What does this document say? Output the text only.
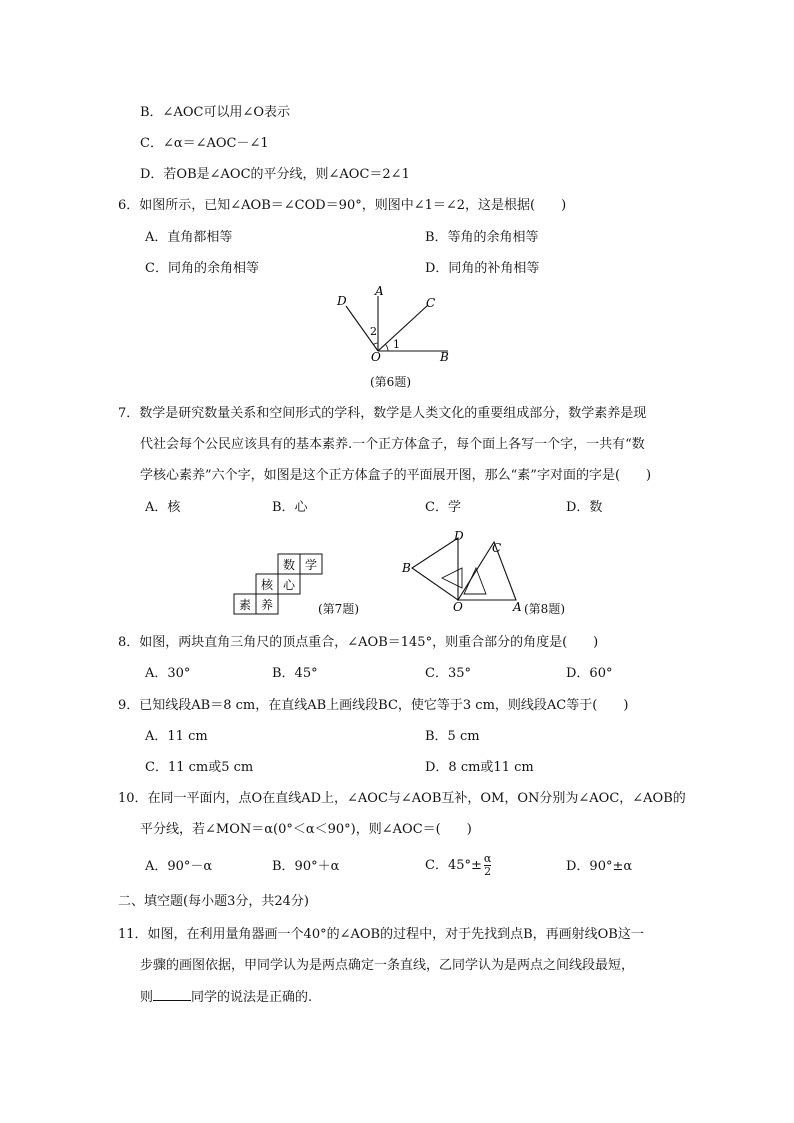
B．∠AOC可以用∠O表示
C．∠α＝∠AOC－∠1
D．若OB是∠AOC的平分线，则∠AOC＝2∠1
6．如图所示，已知∠AOB＝∠COD＝90°，则图中∠1＝∠2，这是根据(　　)
A．直角都相等	B．等角的余角相等
C．同角的余角相等	D．同角的补角相等
D
A
C
O	B
1
2
(第6题)
7．数学是研究数量关系和空间形式的学科，数学是人类文化的重要组成部分，数学素养是现
代社会每个公民应该具有的基本素养.一个正方体盒子，每个面上各写一个字，一共有“数
学核心素养”六个字，如图是这个正方体盒子的平面展开图，那么“素”字对面的字是(　　)
A．核	B．心	C．学	D．数
数 学
核 心
素 养	(第7题)
D
C
B
O	A (第8题)
8．如图，两块直角三角尺的顶点重合，∠AOB＝145°，则重合部分的角度是(　　)
A．30°	B．45°	C．35°	D．60°
9．已知线段AB＝8 cm，在直线AB上画线段BC，使它等于3 cm，则线段AC等于(　　)
A．11 cm	B．5 cm
C．11 cm或5 cm	D．8 cm或11 cm
10．在同一平面内，点O在直线AD上，∠AOC与∠AOB互补，OM，ON分别为∠AOC，∠AOB的
平分线，若∠MON＝α(0°＜α＜90°)，则∠AOC＝(　　)
A．90°－α	B．90°＋α	C．$45^\circ\pm \frac{\alpha}{2}$	D．90°±α
二、填空题(每小题3分，共24分)
11．如图，在利用量角器画一个40°的∠AOB的过程中，对于先找到点B，再画射线OB这一
步骤的画图依据，甲同学认为是两点确定一条直线，乙同学认为是两点之间线段最短，
则	同学的说法是正确的.
